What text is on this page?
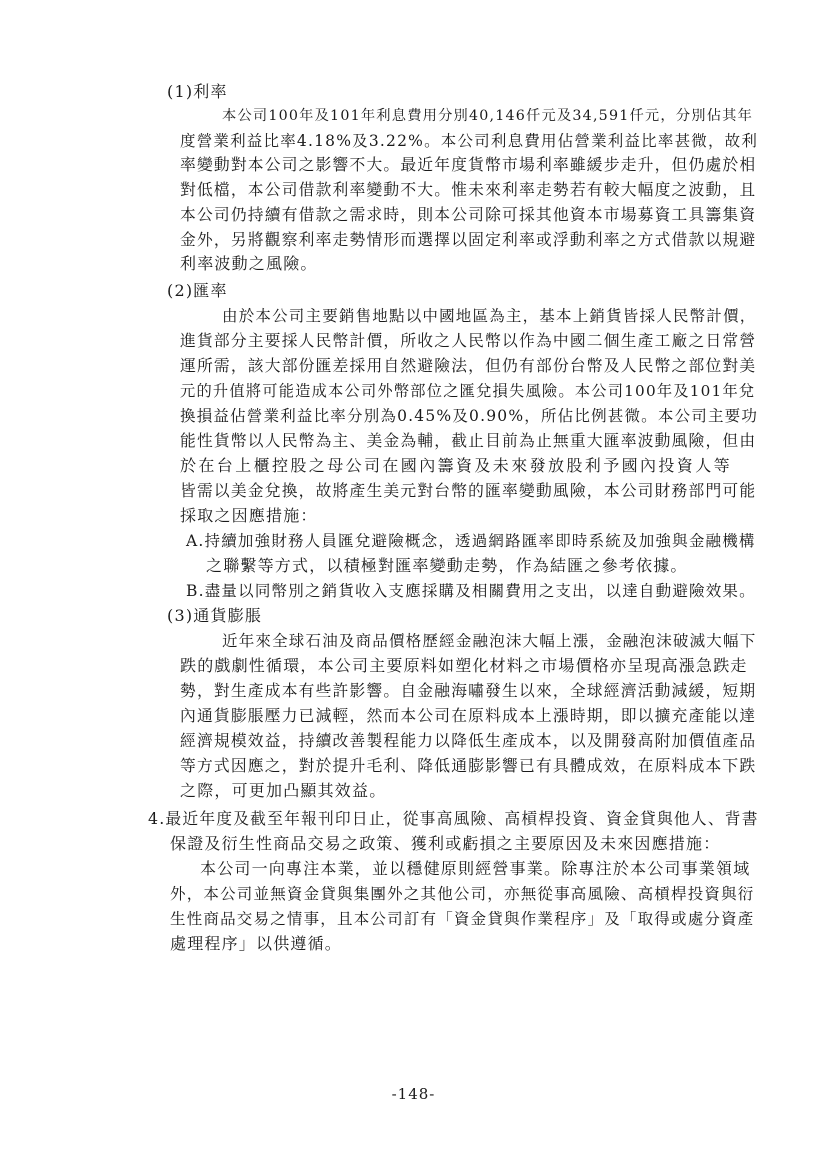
(1)利率
本公司100年及101年利息費用分別40,146仟元及34,591仟元，分別佔其年
度營業利益比率4.18%及3.22%。本公司利息費用佔營業利益比率甚微，故利
率變動對本公司之影響不大。最近年度貨幣市場利率雖緩步走升，但仍處於相
對低檔，本公司借款利率變動不大。惟未來利率走勢若有較大幅度之波動，且
本公司仍持續有借款之需求時，則本公司除可採其他資本市場募資工具籌集資
金外，另將觀察利率走勢情形而選擇以固定利率或浮動利率之方式借款以規避
利率波動之風險。
(2)匯率
由於本公司主要銷售地點以中國地區為主，基本上銷貨皆採人民幣計價，
進貨部分主要採人民幣計價，所收之人民幣以作為中國二個生產工廠之日常營
運所需，該大部份匯差採用自然避險法，但仍有部份台幣及人民幣之部位對美
元的升值將可能造成本公司外幣部位之匯兌損失風險。本公司100年及101年兌
換損益佔營業利益比率分別為0.45%及0.90%，所佔比例甚微。本公司主要功
能性貨幣以人民幣為主、美金為輔，截止目前為止無重大匯率波動風險，但由
於在台上櫃控股之母公司在國內籌資及未來發放股利予國內投資人等
皆需以美金兌換，故將產生美元對台幣的匯率變動風險，本公司財務部門可能
採取之因應措施：
A.持續加強財務人員匯兌避險概念，透過網路匯率即時系統及加強與金融機構
之聯繫等方式，以積極對匯率變動走勢，作為結匯之參考依據。
B.盡量以同幣別之銷貨收入支應採購及相關費用之支出，以達自動避險效果。
(3)通貨膨脹
近年來全球石油及商品價格歷經金融泡沫大幅上漲，金融泡沫破滅大幅下
跌的戲劇性循環，本公司主要原料如塑化材料之市場價格亦呈現高漲急跌走
勢，對生產成本有些許影響。自金融海嘯發生以來，全球經濟活動減緩，短期
內通貨膨脹壓力已減輕，然而本公司在原料成本上漲時期，即以擴充產能以達
經濟規模效益，持續改善製程能力以降低生產成本，以及開發高附加價值產品
等方式因應之，對於提升毛利、降低通膨影響已有具體成效，在原料成本下跌
之際，可更加凸顯其效益。
4.最近年度及截至年報刊印日止，從事高風險、高槓桿投資、資金貸與他人、背書
保證及衍生性商品交易之政策、獲利或虧損之主要原因及未來因應措施：
本公司一向專注本業，並以穩健原則經營事業。除專注於本公司事業領域
外，本公司並無資金貸與集團外之其他公司，亦無從事高風險、高槓桿投資與衍
生性商品交易之情事，且本公司訂有「資金貸與作業程序」及「取得或處分資產
處理程序」以供遵循。
-148-
